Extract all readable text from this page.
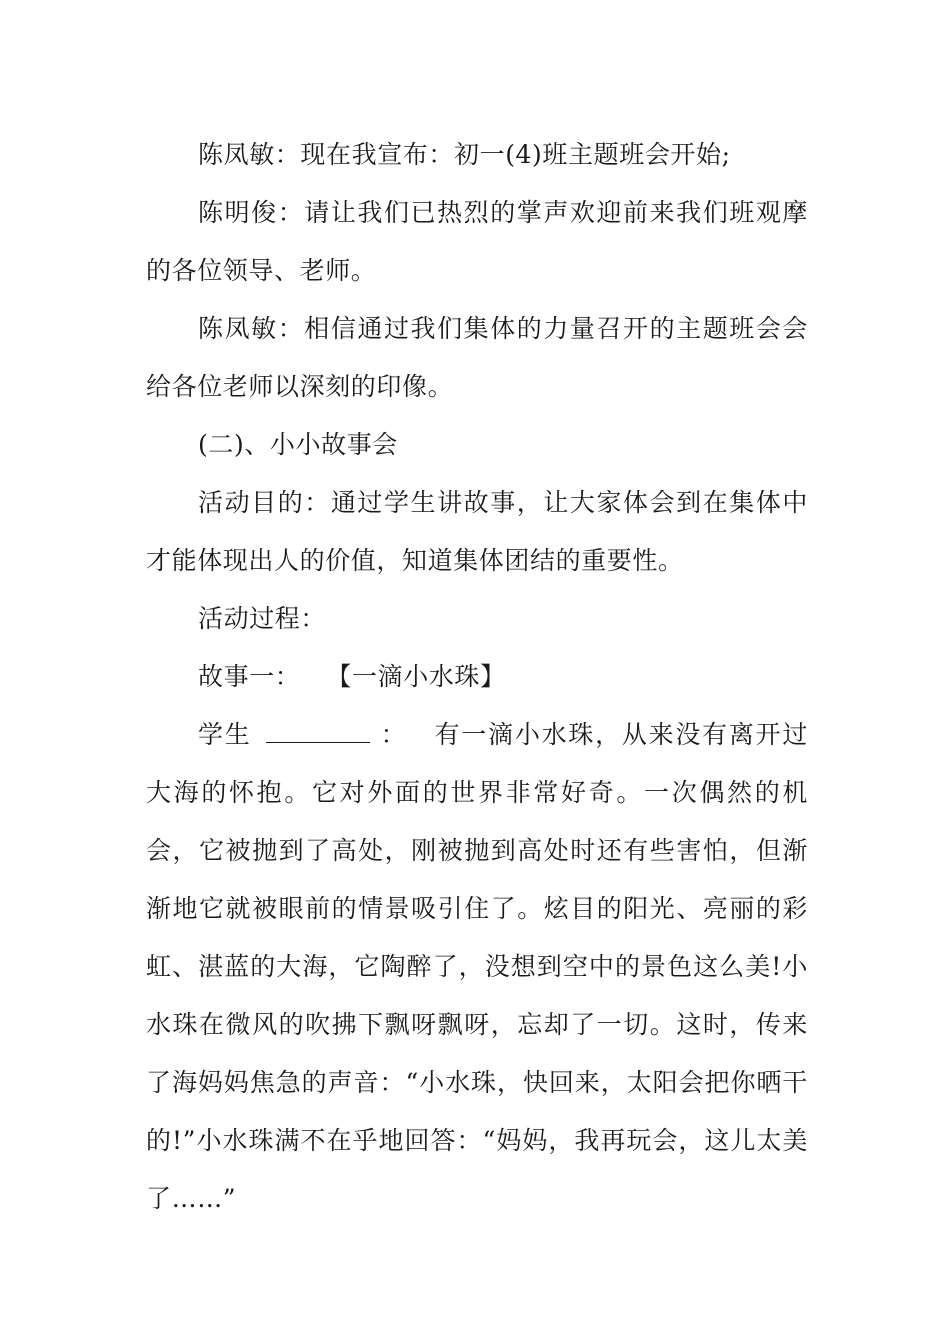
陈凤敏：现在我宣布：初一(4)班主题班会开始;

陈明俊：请让我们已热烈的掌声欢迎前来我们班观摩的各位领导、老师。

陈凤敏：相信通过我们集体的力量召开的主题班会会给各位老师以深刻的印像。

(二)、小小故事会

活动目的：通过学生讲故事，让大家体会到在集体中才能体现出人的价值，知道集体团结的重要性。

活动过程：

故事一： 【一滴小水珠】

学生	： 有一滴小水珠，从来没有离开过大海的怀抱。它对外面的世界非常好奇。一次偶然的机会，它被抛到了高处，刚被抛到高处时还有些害怕，但渐渐地它就被眼前的情景吸引住了。炫目的阳光、亮丽的彩虹、湛蓝的大海，它陶醉了，没想到空中的景色这么美!小水珠在微风的吹拂下飘呀飘呀，忘却了一切。这时，传来了海妈妈焦急的声音：“小水珠，快回来，太阳会把你晒干的!”小水珠满不在乎地回答：“妈妈，我再玩会，这儿太美了……”
